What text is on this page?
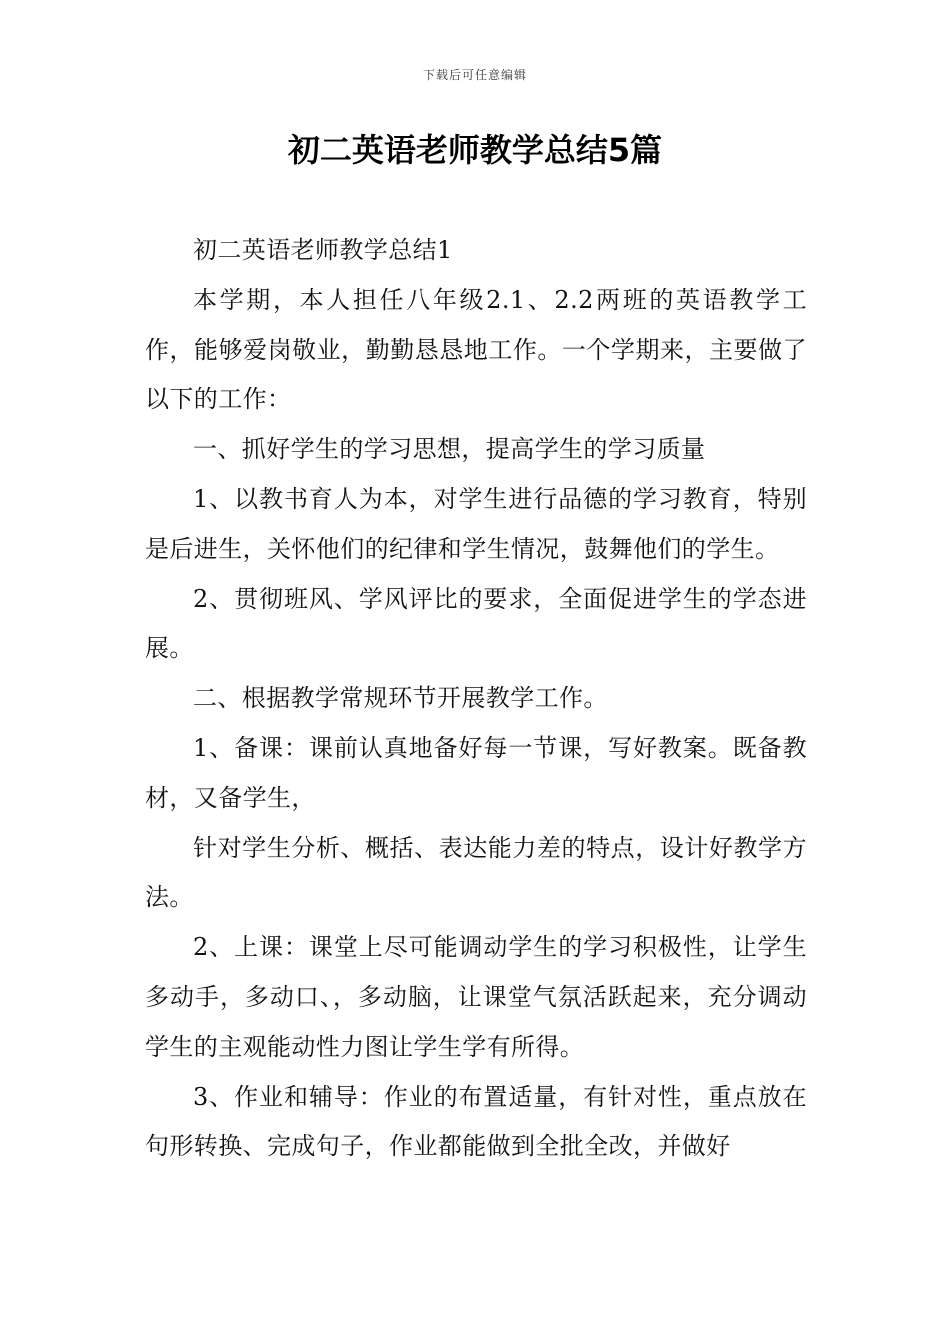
下载后可任意编辑
初二英语老师教学总结5篇

初二英语老师教学总结1

本学期，本人担任八年级2.1、2.2两班的英语教学工作，能够爱岗敬业，勤勤恳恳地工作。一个学期来，主要做了以下的工作：

一、抓好学生的学习思想，提高学生的学习质量

1、以教书育人为本，对学生进行品德的学习教育，特别是后进生，关怀他们的纪律和学生情况，鼓舞他们的学生。

2、贯彻班风、学风评比的要求，全面促进学生的学态进展。

二、根据教学常规环节开展教学工作。

1、备课：课前认真地备好每一节课，写好教案。既备教材，又备学生，

针对学生分析、概括、表达能力差的特点，设计好教学方法。

2、上课：课堂上尽可能调动学生的学习积极性，让学生多动手，多动口、，多动脑，让课堂气氛活跃起来，充分调动学生的主观能动性力图让学生学有所得。

3、作业和辅导：作业的布置适量，有针对性，重点放在句形转换、完成句子，作业都能做到全批全改，并做好
